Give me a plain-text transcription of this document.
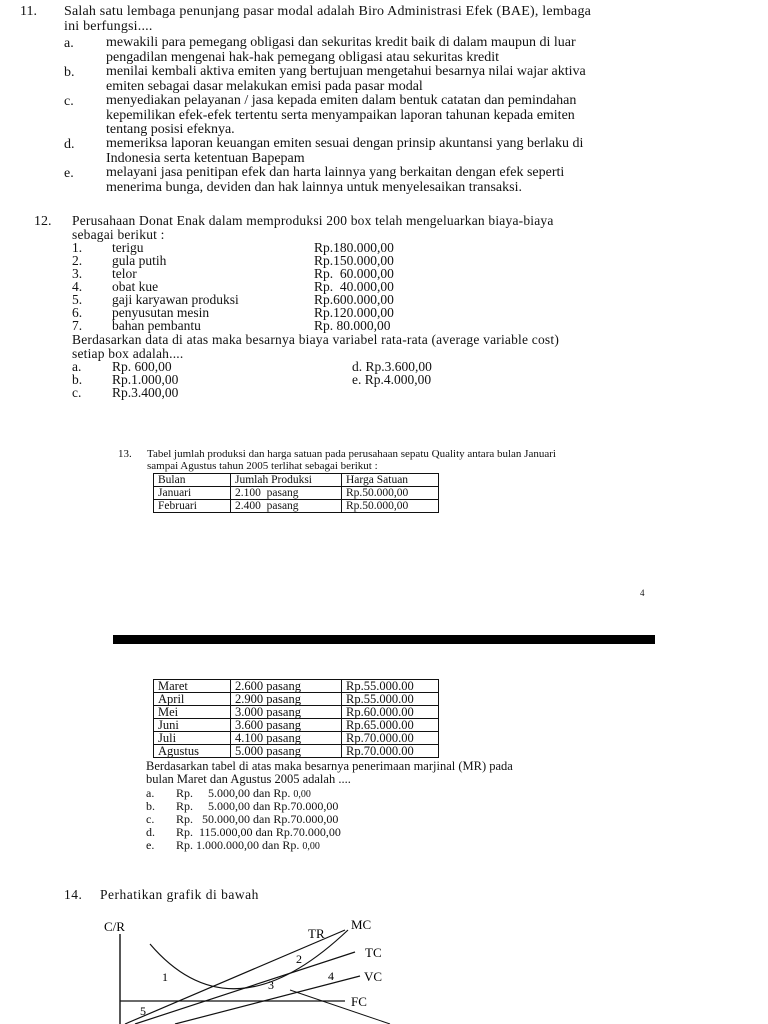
11. Salah satu lembaga penunjang pasar modal adalah Biro Administrasi Efek (BAE), lembaga
ini berfungsi....
a. mewakili para pemegang obligasi dan sekuritas kredit baik di dalam maupun di luar
pengadilan mengenai hak-hak pemegang obligasi atau sekuritas kredit
b. menilai kembali aktiva emiten yang bertujuan mengetahui besarnya nilai wajar aktiva
emiten sebagai dasar melakukan emisi pada pasar modal
c. menyediakan pelayanan / jasa kepada emiten dalam bentuk catatan dan pemindahan
kepemilikan efek-efek tertentu serta menyampaikan laporan tahunan kepada emiten
tentang posisi efeknya.
d. memeriksa laporan keuangan emiten sesuai dengan prinsip akuntansi yang berlaku di
Indonesia serta ketentuan Bapepam
e. melayani jasa penitipan efek dan harta lainnya yang berkaitan dengan efek seperti
menerima bunga, deviden dan hak lainnya untuk menyelesaikan transaksi.
12. Perusahaan Donat Enak dalam memproduksi 200 box telah mengeluarkan biaya-biaya
sebagai berikut :
1. terigu	Rp.180.000,00
2. gula putih	Rp.150.000,00
3. telor	Rp.  60.000,00
4. obat kue	Rp.  40.000,00
5. gaji karyawan produksi	Rp.600.000,00
6. penyusutan mesin	Rp.120.000,00
7. bahan pembantu	Rp. 80.000,00
Berdasarkan data di atas maka besarnya biaya variabel rata-rata (average variable cost)
setiap box adalah....
a. Rp. 600,00
b. Rp.1.000,00
c. Rp.3.400,00
d. Rp.3.600,00
e. Rp.4.000,00
13. Tabel jumlah produksi dan harga satuan pada perusahaan sepatu Quality antara bulan Januari
sampai Agustus tahun 2005 terlihat sebagai berikut :
Bulan	Jumlah Produksi	Harga Satuan
Januari	2.100  pasang	Rp.50.000,00
Februari	2.400  pasang	Rp.50.000,00
4
Maret	2.600 pasang	Rp.55.000.00
April	2.900 pasang	Rp.55.000.00
Mei	3.000 pasang	Rp.60.000.00
Juni	3.600 pasang	Rp.65.000.00
Juli	4.100 pasang	Rp.70.000.00
Agustus	5.000 pasang	Rp.70.000.00
Berdasarkan tabel di atas maka besarnya penerimaan marjinal (MR) pada
bulan Maret dan Agustus 2005 adalah ....
a. Rp.     5.000,00 dan Rp. 0,00
b. Rp.     5.000,00 dan Rp.70.000,00
c. Rp.   50.000,00 dan Rp.70.000,00
d. Rp.  115.000,00 dan Rp.70.000,00
e. Rp. 1.000.000,00 dan Rp. 0,00
14. Perhatikan grafik di bawah
C/R	TR
MC
TC
VC
FC
1
2
3
4
5
